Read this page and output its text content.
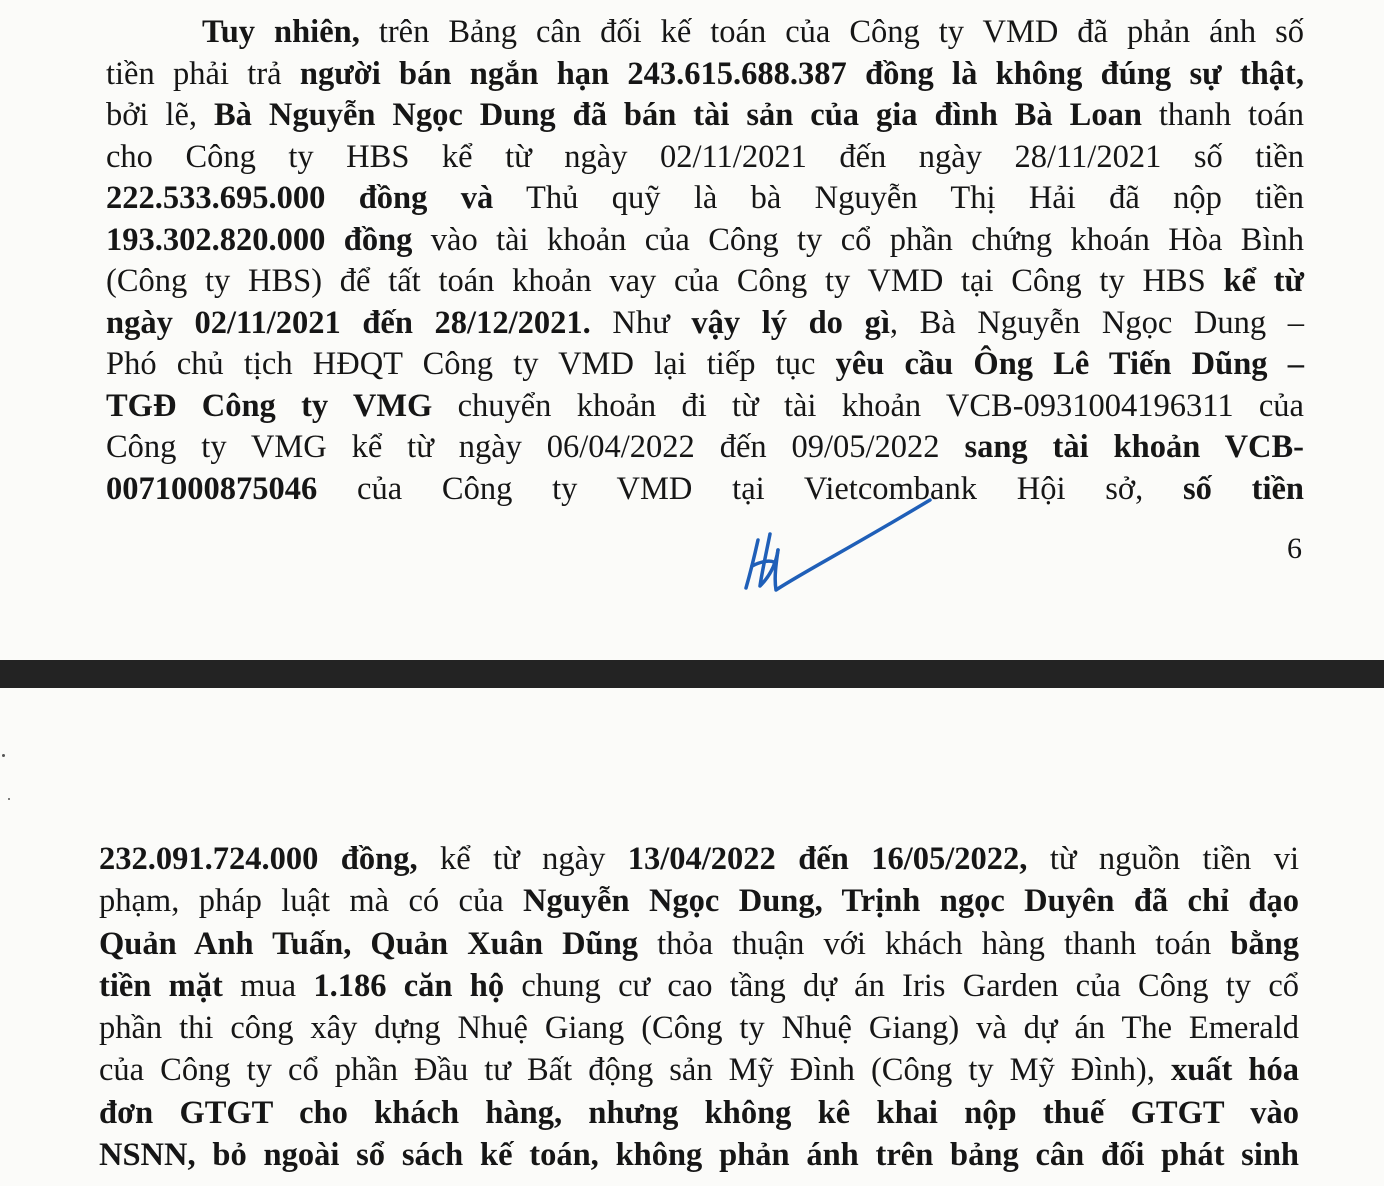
Tuy nhiên, trên Bảng cân đối kế toán của Công ty VMD đã phản ánh số
tiền phải trả người bán ngắn hạn 243.615.688.387 đồng là không đúng sự thật,
bởi lẽ, Bà Nguyễn Ngọc Dung đã bán tài sản của gia đình Bà Loan thanh toán
cho Công ty HBS kể từ ngày 02/11/2021 đến ngày 28/11/2021 số tiền
222.533.695.000 đồng và Thủ quỹ là bà Nguyễn Thị Hải đã nộp tiền
193.302.820.000 đồng vào tài khoản của Công ty cổ phần chứng khoán Hòa Bình
(Công ty HBS) để tất toán khoản vay của Công ty VMD tại Công ty HBS kể từ
ngày 02/11/2021 đến 28/12/2021. Như vậy lý do gì, Bà Nguyễn Ngọc Dung –
Phó chủ tịch HĐQT Công ty VMD lại tiếp tục yêu cầu Ông Lê Tiến Dũng –
TGĐ Công ty VMG chuyển khoản đi từ tài khoản VCB-0931004196311 của
Công ty VMG kể từ ngày 06/04/2022 đến 09/05/2022 sang tài khoản VCB-
0071000875046 của Công ty VMD tại Vietcombank Hội sở, số tiền
6
232.091.724.000 đồng, kể từ ngày 13/04/2022 đến 16/05/2022, từ nguồn tiền vi
phạm, pháp luật mà có của Nguyễn Ngọc Dung, Trịnh ngọc Duyên đã chỉ đạo
Quản Anh Tuấn, Quản Xuân Dũng thỏa thuận với khách hàng thanh toán bằng
tiền mặt mua 1.186 căn hộ chung cư cao tầng dự án Iris Garden của Công ty cổ
phần thi công xây dựng Nhuệ Giang (Công ty Nhuệ Giang) và dự án The Emerald
của Công ty cổ phần Đầu tư Bất động sản Mỹ Đình (Công ty Mỹ Đình), xuất hóa
đơn GTGT cho khách hàng, nhưng không kê khai nộp thuế GTGT vào
NSNN, bỏ ngoài sổ sách kế toán, không phản ánh trên bảng cân đối phát sinh
